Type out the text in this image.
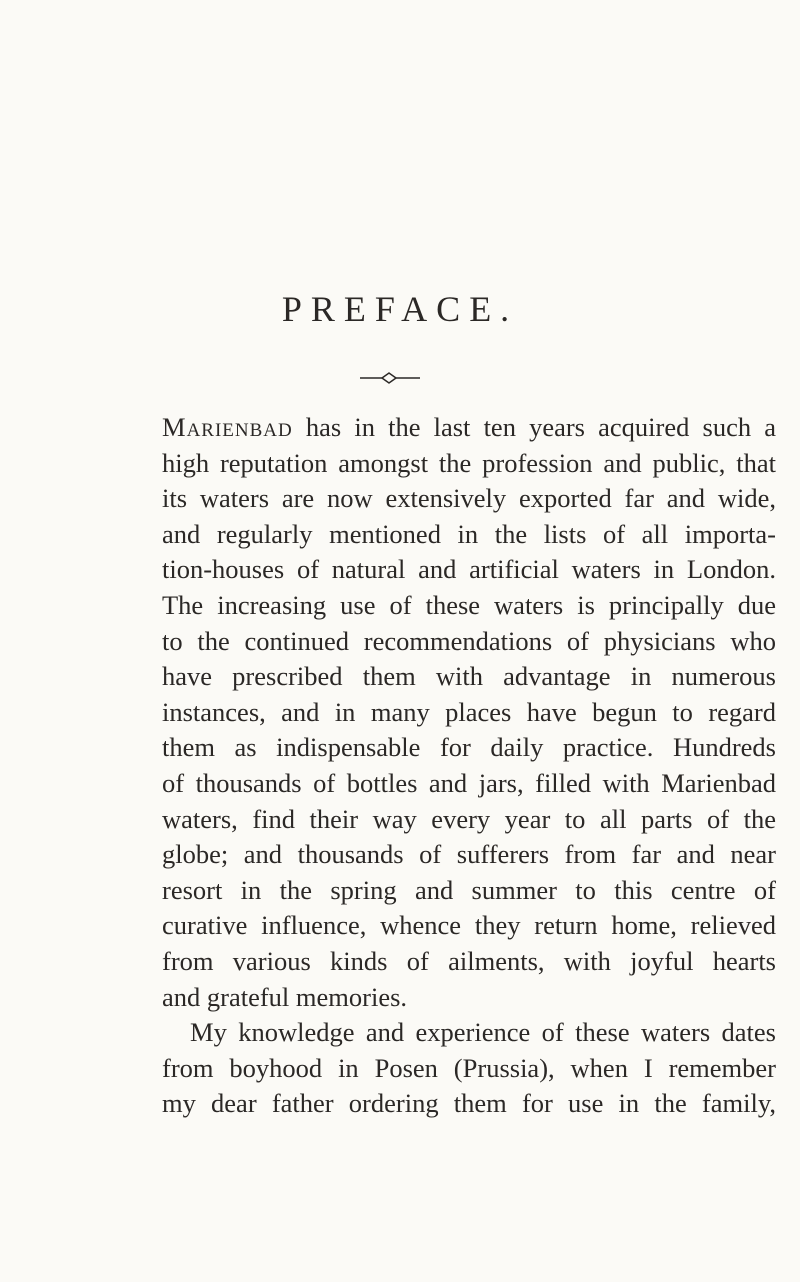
PREFACE.
Marienbad has in the last ten years acquired such a
high reputation amongst the profession and public, that
its waters are now extensively exported far and wide,
and regularly mentioned in the lists of all importa-
tion-houses of natural and artificial waters in London.
The increasing use of these waters is principally due
to the continued recommendations of physicians who
have prescribed them with advantage in numerous
instances, and in many places have begun to regard
them as indispensable for daily practice. Hundreds
of thousands of bottles and jars, filled with Marienbad
waters, find their way every year to all parts of the
globe; and thousands of sufferers from far and near
resort in the spring and summer to this centre of
curative influence, whence they return home, relieved
from various kinds of ailments, with joyful hearts
and grateful memories.
My knowledge and experience of these waters dates
from boyhood in Posen (Prussia), when I remember
my dear father ordering them for use in the family,
